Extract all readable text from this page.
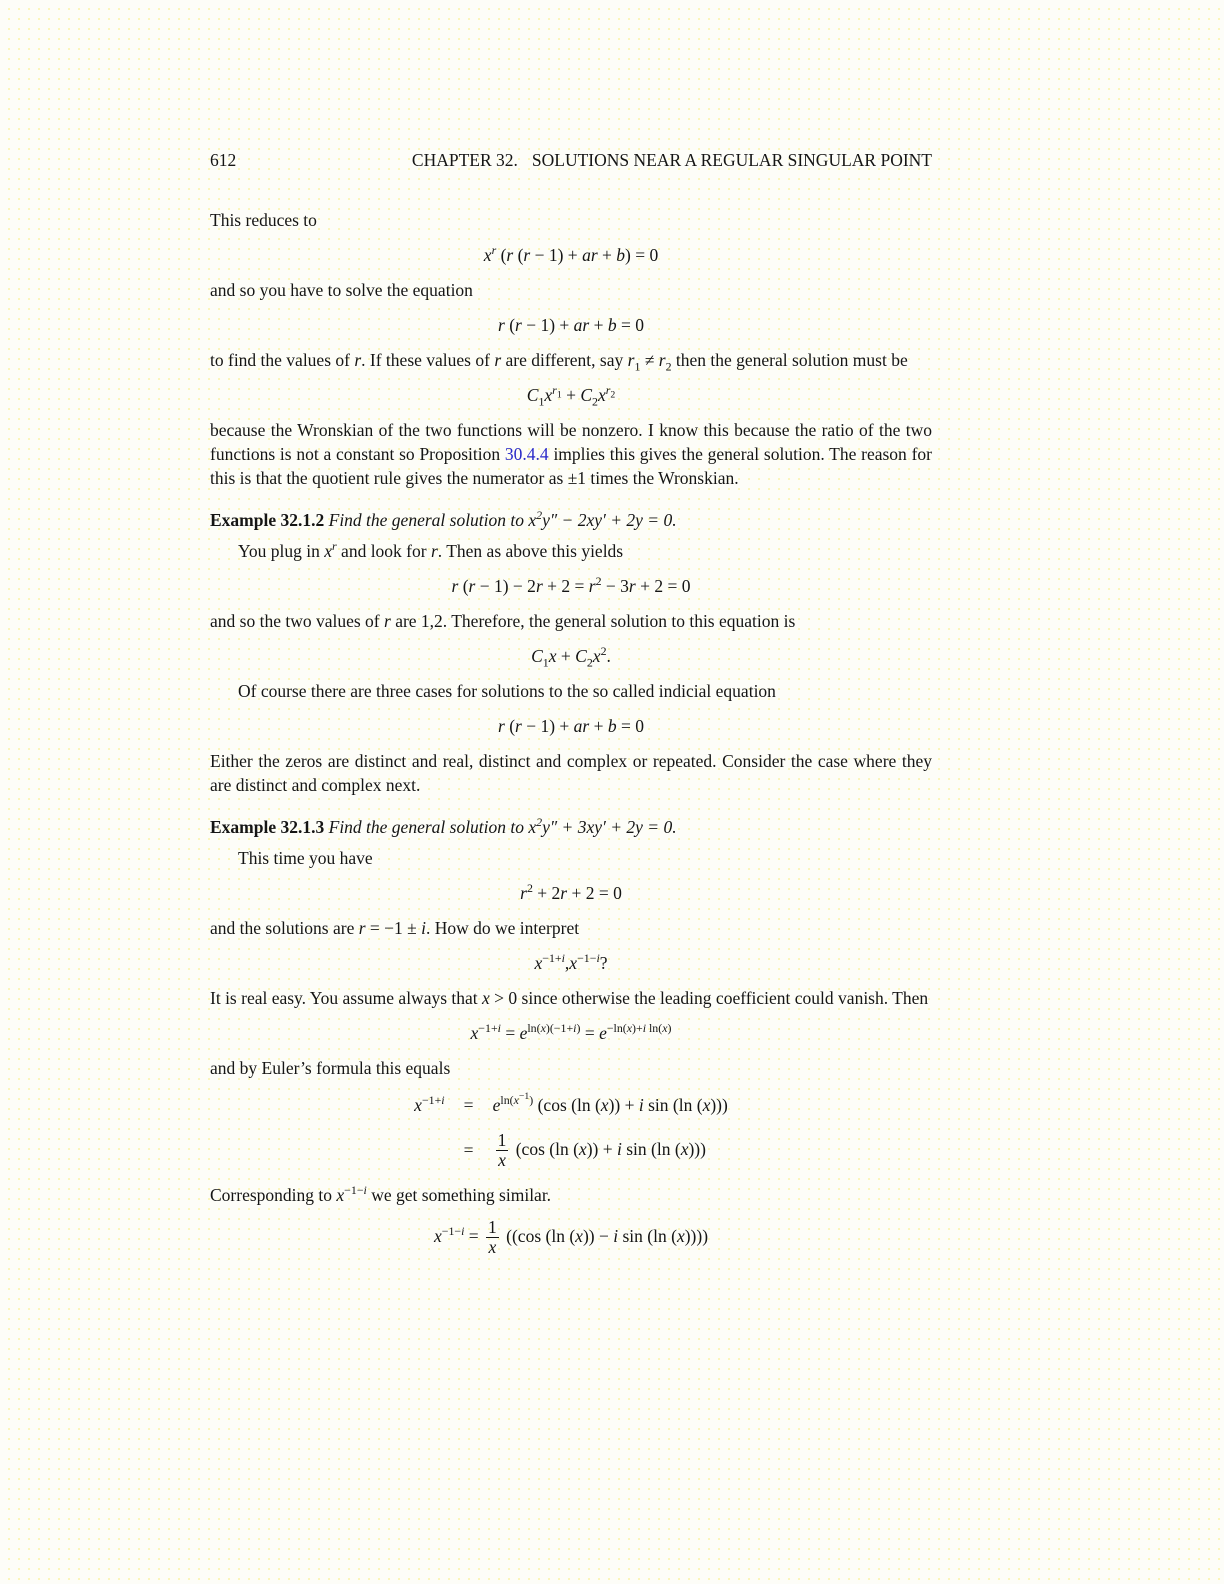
612	CHAPTER 32. SOLUTIONS NEAR A REGULAR SINGULAR POINT
This reduces to
$x^r$ (r (r − 1) + ar + b) = 0
and so you have to solve the equation
r (r − 1) + ar + b = 0
to find the values of r. If these values of r are different, say $r_1 \ne r_2$ then the general solution must be
$C_1x^{r_1} + C_2x^{r_2}$
because the Wronskian of the two functions will be nonzero. I know this because the ratio of the two functions is not a constant so Proposition 30.4.4 implies this gives the general solution. The reason for this is that the quotient rule gives the numerator as ±1 times the Wronskian.
Example 32.1.2 Find the general solution to $x^2y'' - 2xy' + 2y = 0$.
You plug in $x^r$ and look for r. Then as above this yields
r $(r - 1) - 2r + 2 = r^2 - 3r + 2 = 0$
and so the two values of r are 1,2. Therefore, the general solution to this equation is
$C_1x + C_2x^2$.
Of course there are three cases for solutions to the so called indicial equation
r (r − 1) + ar + b = 0
Either the zeros are distinct and real, distinct and complex or repeated. Consider the case where they are distinct and complex next.
Example 32.1.3 Find the general solution to $x^2y'' + 3xy' + 2y = 0$.
This time you have
$r^2 + 2r + 2 = 0$
and the solutions are r = −1 ± i. How do we interpret
$x^{-1+i},x^{-1-i}$?
It is real easy. You assume always that x > 0 since otherwise the leading coefficient could vanish. Then
$x^{-1+i} = e^{ln(x)(-1+i)} = e^{-ln(x)+i ln(x)}$
and by Euler’s formula this equals
$x^{-1+i}$	=	$e^{ln(x^{-1})}$ (cos (ln (x)) + i sin (ln (x)))
=	$\frac{1}{x} (\cos$ (ln (x)) + i sin (ln (x)))
Corresponding to $x^{-1-i}$ we get something similar.
$x^{-1-i} = \frac{1}{x} ((\cos$ (ln (x)) − i sin (ln (x))))
